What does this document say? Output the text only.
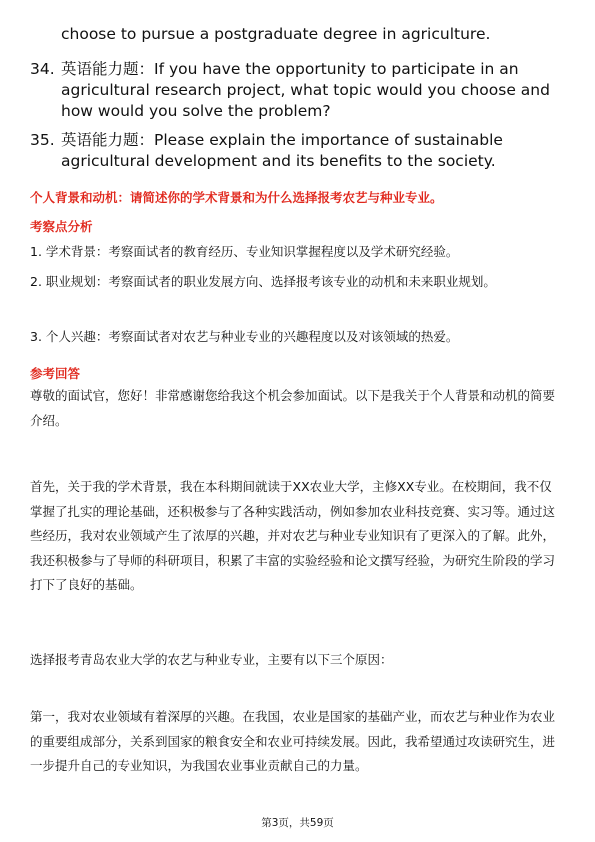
choose to pursue a postgraduate degree in agriculture.
34. 英语能力题：If you have the opportunity to participate in an agricultural research project, what topic would you choose and how would you solve the problem?
35. 英语能力题：Please explain the importance of sustainable agricultural development and its benefits to the society.
个人背景和动机：请简述你的学术背景和为什么选择报考农艺与种业专业。
考察点分析
1. 学术背景：考察面试者的教育经历、专业知识掌握程度以及学术研究经验。
2. 职业规划：考察面试者的职业发展方向、选择报考该专业的动机和未来职业规划。
3. 个人兴趣：考察面试者对农艺与种业专业的兴趣程度以及对该领域的热爱。
参考回答
尊敬的面试官，您好！非常感谢您给我这个机会参加面试。以下是我关于个人背景和动机的简要介绍。
首先，关于我的学术背景，我在本科期间就读于XX农业大学，主修XX专业。在校期间，我不仅掌握了扎实的理论基础，还积极参与了各种实践活动，例如参加农业科技竞赛、实习等。通过这些经历，我对农业领域产生了浓厚的兴趣，并对农艺与种业专业知识有了更深入的了解。此外，我还积极参与了导师的科研项目，积累了丰富的实验经验和论文撰写经验，为研究生阶段的学习打下了良好的基础。
选择报考青岛农业大学的农艺与种业专业，主要有以下三个原因：
第一，我对农业领域有着深厚的兴趣。在我国，农业是国家的基础产业，而农艺与种业作为农业的重要组成部分，关系到国家的粮食安全和农业可持续发展。因此，我希望通过攻读研究生，进一步提升自己的专业知识，为我国农业事业贡献自己的力量。
第3页，共59页
